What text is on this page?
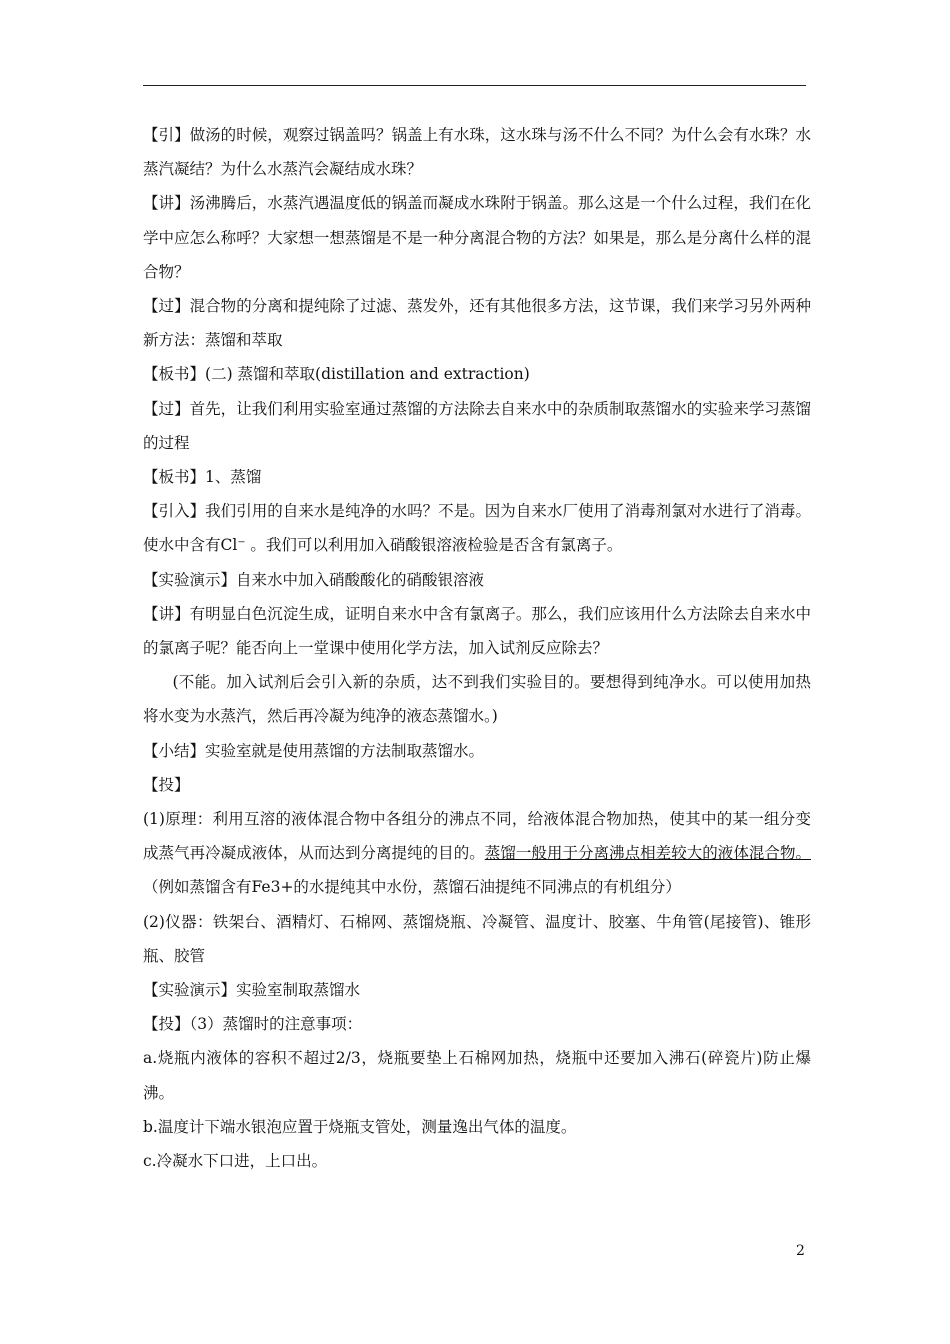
【引】做汤的时候，观察过锅盖吗？锅盖上有水珠，这水珠与汤不什么不同？为什么会有水珠？水蒸汽凝结？为什么水蒸汽会凝结成水珠？

【讲】汤沸腾后，水蒸汽遇温度低的锅盖而凝成水珠附于锅盖。那么这是一个什么过程，我们在化学中应怎么称呼？大家想一想蒸馏是不是一种分离混合物的方法？如果是，那么是分离什么样的混合物？

【过】混合物的分离和提纯除了过滤、蒸发外，还有其他很多方法，这节课，我们来学习另外两种新方法：蒸馏和萃取

【板书】(二) 蒸馏和萃取(distillation and extraction)

【过】首先，让我们利用实验室通过蒸馏的方法除去自来水中的杂质制取蒸馏水的实验来学习蒸馏的过程

【板书】1、蒸馏

【引入】我们引用的自来水是纯净的水吗？不是。因为自来水厂使用了消毒剂氯对水进行了消毒。使水中含有Cl⁻ 。我们可以利用加入硝酸银溶液检验是否含有氯离子。

【实验演示】自来水中加入硝酸酸化的硝酸银溶液

【讲】有明显白色沉淀生成，证明自来水中含有氯离子。那么，我们应该用什么方法除去自来水中的氯离子呢？能否向上一堂课中使用化学方法，加入试剂反应除去？

(不能。加入试剂后会引入新的杂质，达不到我们实验目的。要想得到纯净水。可以使用加热将水变为水蒸汽，然后再冷凝为纯净的液态蒸馏水。)

【小结】实验室就是使用蒸馏的方法制取蒸馏水。

【投】

(1)原理：利用互溶的液体混合物中各组分的沸点不同，给液体混合物加热，使其中的某一组分变成蒸气再冷凝成液体，从而达到分离提纯的目的。蒸馏一般用于分离沸点相差较大的液体混合物。（例如蒸馏含有Fe3+的水提纯其中水份，蒸馏石油提纯不同沸点的有机组分）

(2)仪器：铁架台、酒精灯、石棉网、蒸馏烧瓶、冷凝管、温度计、胶塞、牛角管(尾接管)、锥形瓶、胶管

【实验演示】实验室制取蒸馏水

【投】（3）蒸馏时的注意事项：

a.烧瓶内液体的容积不超过2/3，烧瓶要垫上石棉网加热，烧瓶中还要加入沸石(碎瓷片)防止爆沸。

b.温度计下端水银泡应置于烧瓶支管处，测量逸出气体的温度。

c.冷凝水下口进，上口出。

2
